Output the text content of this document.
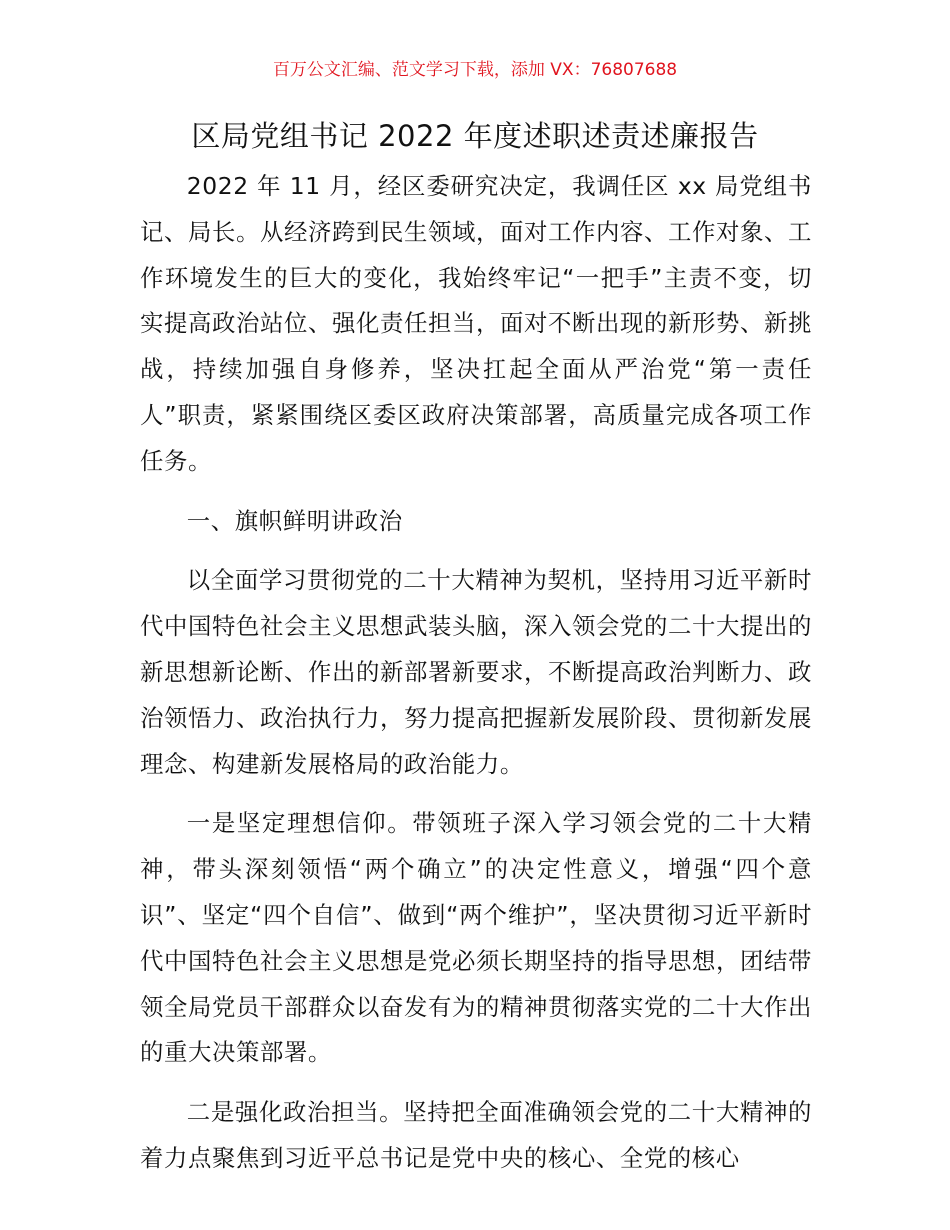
百万公文汇编、范文学习下载，添加 VX：76807688
区局党组书记 2022 年度述职述责述廉报告

2022 年 11 月，经区委研究决定，我调任区 xx 局党组书记、局长。从经济跨到民生领域，面对工作内容、工作对象、工作环境发生的巨大的变化，我始终牢记“一把手”主责不变，切实提高政治站位、强化责任担当，面对不断出现的新形势、新挑战，持续加强自身修养，坚决扛起全面从严治党“第一责任人”职责，紧紧围绕区委区政府决策部署，高质量完成各项工作任务。

一、旗帜鲜明讲政治

以全面学习贯彻党的二十大精神为契机，坚持用习近平新时代中国特色社会主义思想武装头脑，深入领会党的二十大提出的新思想新论断、作出的新部署新要求，不断提高政治判断力、政治领悟力、政治执行力，努力提高把握新发展阶段、贯彻新发展理念、构建新发展格局的政治能力。

一是坚定理想信仰。带领班子深入学习领会党的二十大精神，带头深刻领悟“两个确立”的决定性意义，增强“四个意识”、坚定“四个自信”、做到“两个维护”，坚决贯彻习近平新时代中国特色社会主义思想是党必须长期坚持的指导思想，团结带领全局党员干部群众以奋发有为的精神贯彻落实党的二十大作出的重大决策部署。

二是强化政治担当。坚持把全面准确领会党的二十大精神的着力点聚焦到习近平总书记是党中央的核心、全党的核心
